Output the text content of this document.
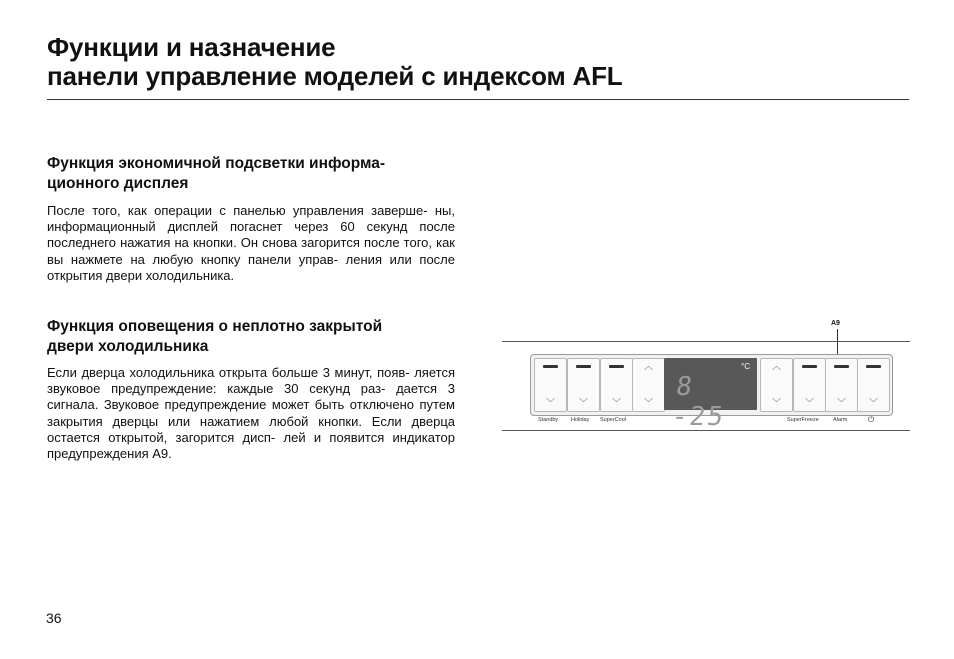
Функции и назначение
панели управление моделей с индексом AFL
Функция экономичной подсветки информа-
ционного дисплея
После того, как операции с панелью управления заверше- ны, информационный дисплей погаснет через 60 секунд после последнего нажатия на кнопки. Он снова загорится после того, как вы нажмете на любую кнопку панели управ- ления или после открытия двери холодильника.
Функция оповещения о неплотно закрытой
двери холодильника
Если дверца холодильника открыта больше 3 минут, появ- ляется звуковое предупреждение: каждые 30 секунд раз- дается 3 сигнала. Звуковое предупреждение может быть отключено путем закрытия дверцы или нажатием любой кнопки. Если дверца остается открытой, загорится дисп- лей и появится индикатор предупреждения А9.
A9
﹀	﹀	﹀
︿
﹀
°C
8 -25
︿
﹀	﹀	﹀	﹀
Standby Holiday SuperCool	SuperFreeze	Alarm	⏻
36
